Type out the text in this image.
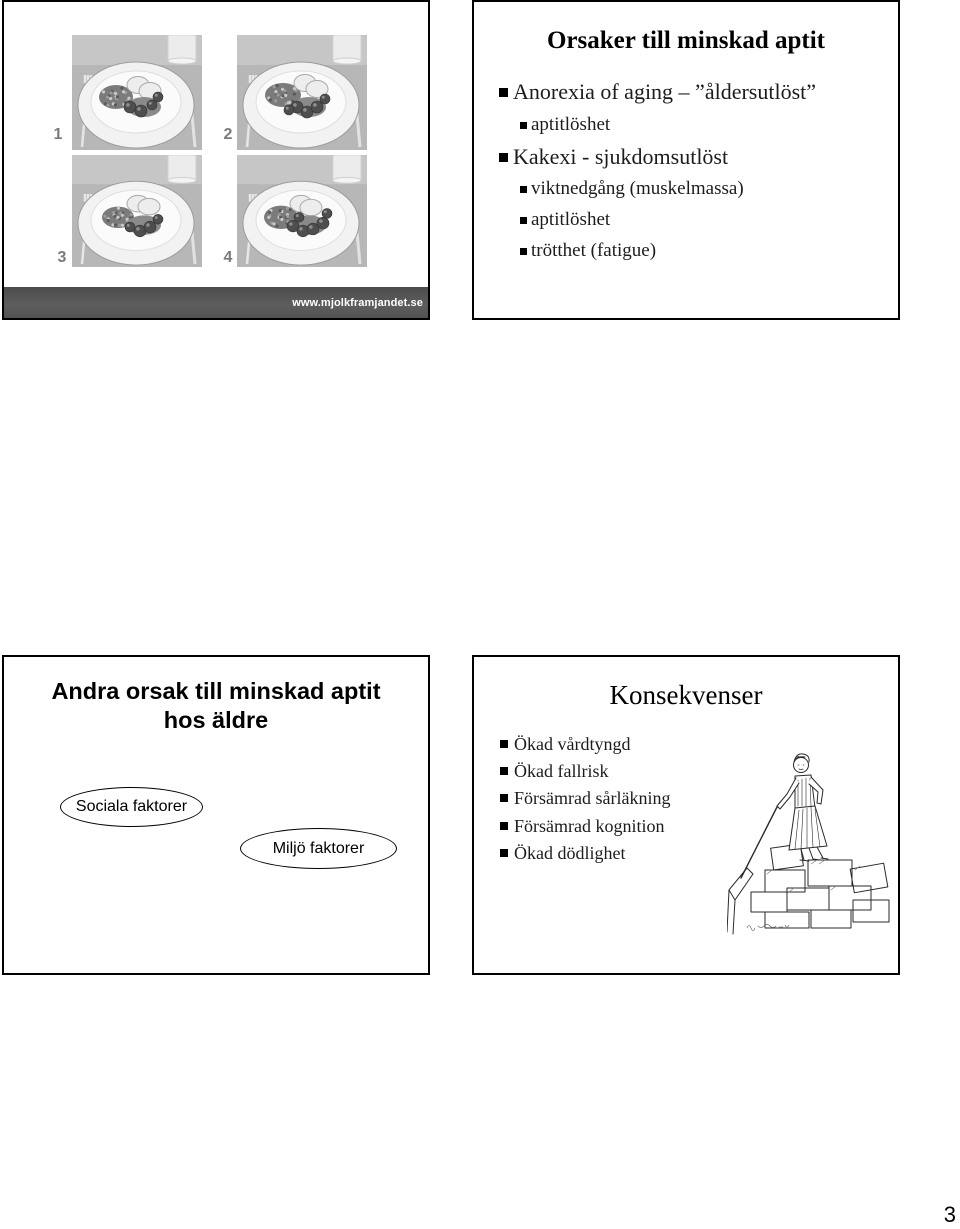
1	2
3	4
www.mjolkframjandet.se
Orsaker till minskad aptit
Anorexia of aging – ”åldersutlöst”
aptitlöshet
Kakexi - sjukdomsutlöst
viktnedgång (muskelmassa)
aptitlöshet
trötthet (fatigue)
Andra orsak till minskad aptit hos äldre
Sociala faktorer
Miljö faktorer
Konsekvenser
Ökad vårdtyngd
Ökad fallrisk
Försämrad sårläkning
Försämrad kognition
Ökad dödlighet
3
